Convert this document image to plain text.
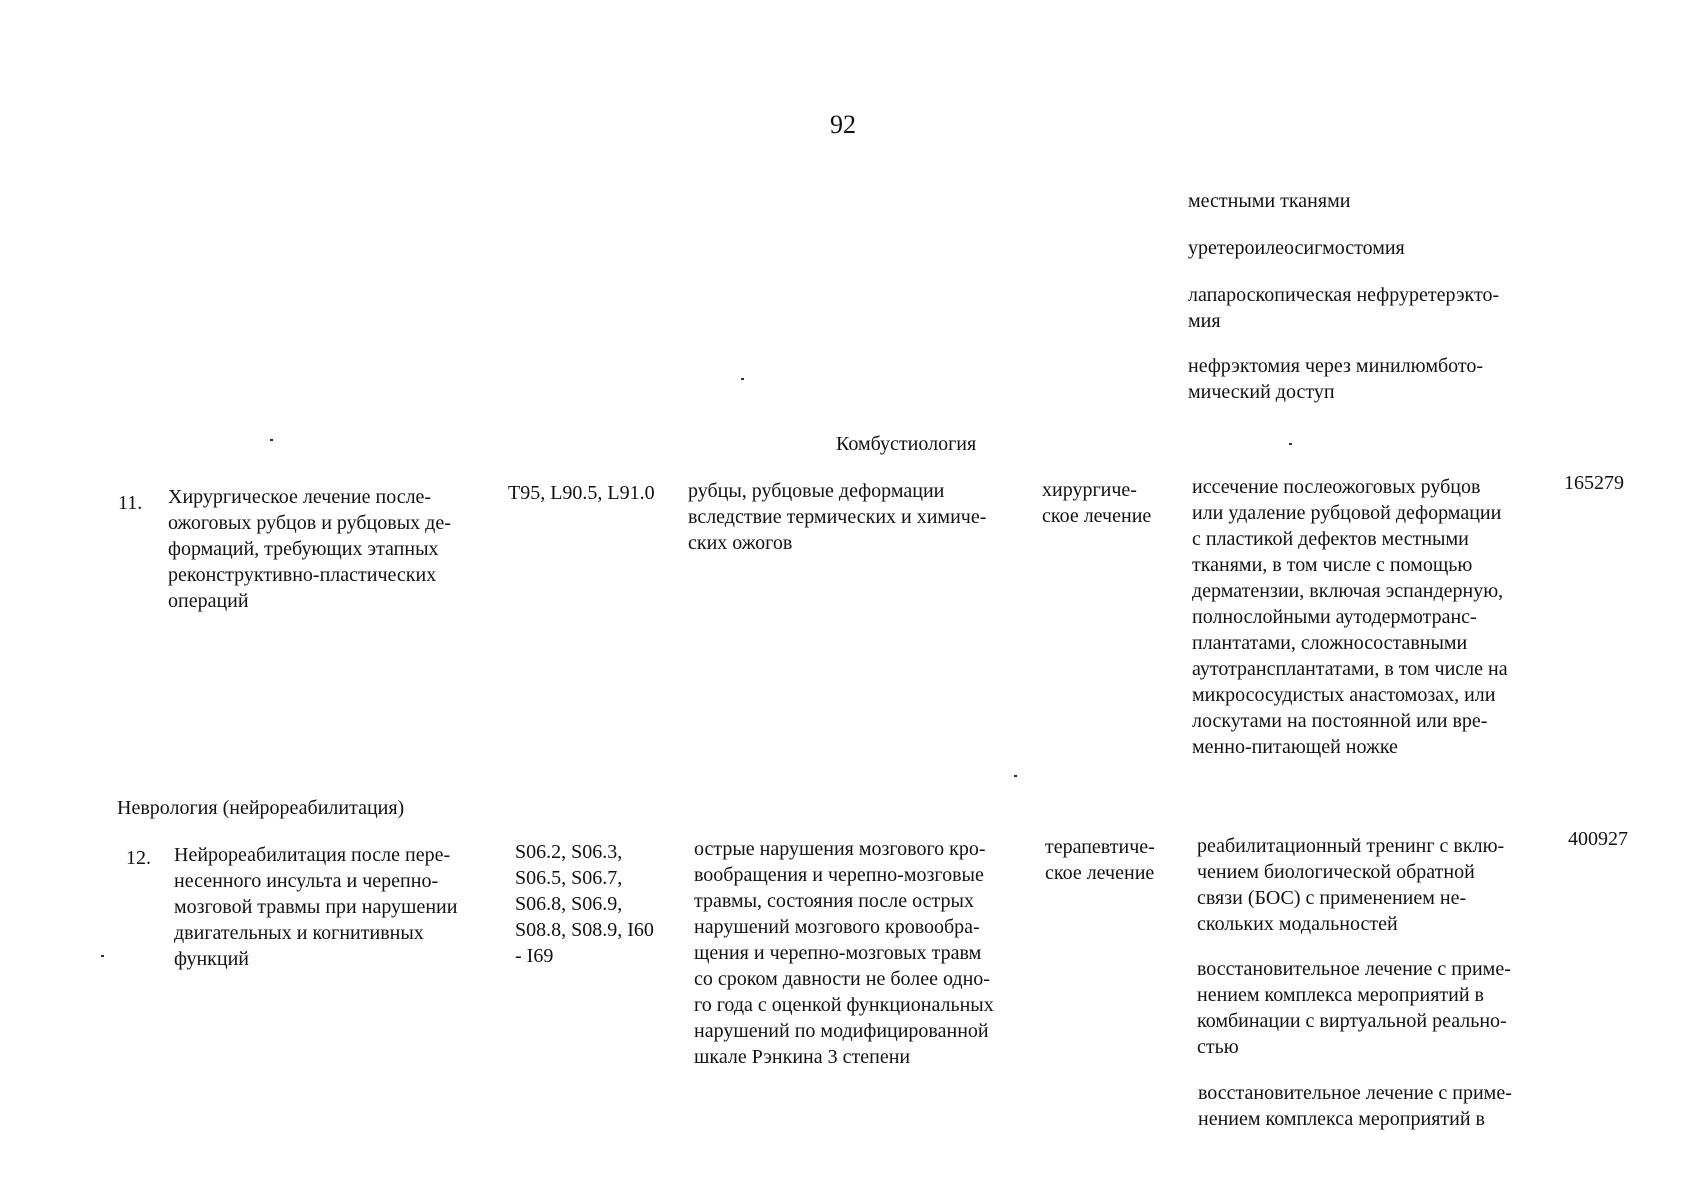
92

местными тканями

уретероилеосигмостомия

лапароскопическая нефруретерэкто-
мия

нефрэктомия через минилюмбото-
мический доступ

Комбустиология

11. Хирургическое лечение после-
ожоговых рубцов и рубцовых де-
формаций, требующих этапных
реконструктивно-пластических
операций

Т95, L90.5, L91.0 рубцы, рубцовые деформации
вследствие термических и химиче-
ских ожогов

хирургиче-
ское лечение

иссечение послеожоговых рубцов
или удаление рубцовой деформации
с пластикой дефектов местными
тканями, в том числе с помощью
дерматензии, включая эспандерную,
полнослойными аутодермотранс-
плантатами, сложносоставными
аутотрансплантатами, в том числе на
микрососудистых анастомозах, или
лоскутами на постоянной или вре-
менно-питающей ножке

165279

Неврология (нейрореабилитация)

12. Нейрореабилитация после пере-
несенного инсульта и черепно-
мозговой травмы при нарушении
двигательных и когнитивных
функций

S06.2, S06.3,
S06.5, S06.7,
S06.8, S06.9,
S08.8, S08.9, I60
- I69

острые нарушения мозгового кро-
вообращения и черепно-мозговые
травмы, состояния после острых
нарушений мозгового кровообра-
щения и черепно-мозговых травм
со сроком давности не более одно-
го года с оценкой функциональных
нарушений по модифицированной
шкале Рэнкина 3 степени

терапевтиче-
ское лечение

реабилитационный тренинг с вклю-
чением биологической обратной
связи (БОС) с применением не-
скольких модальностей

восстановительное лечение с приме-
нением комплекса мероприятий в
комбинации с виртуальной реально-
стью

восстановительное лечение с приме-
нением комплекса мероприятий в

400927
